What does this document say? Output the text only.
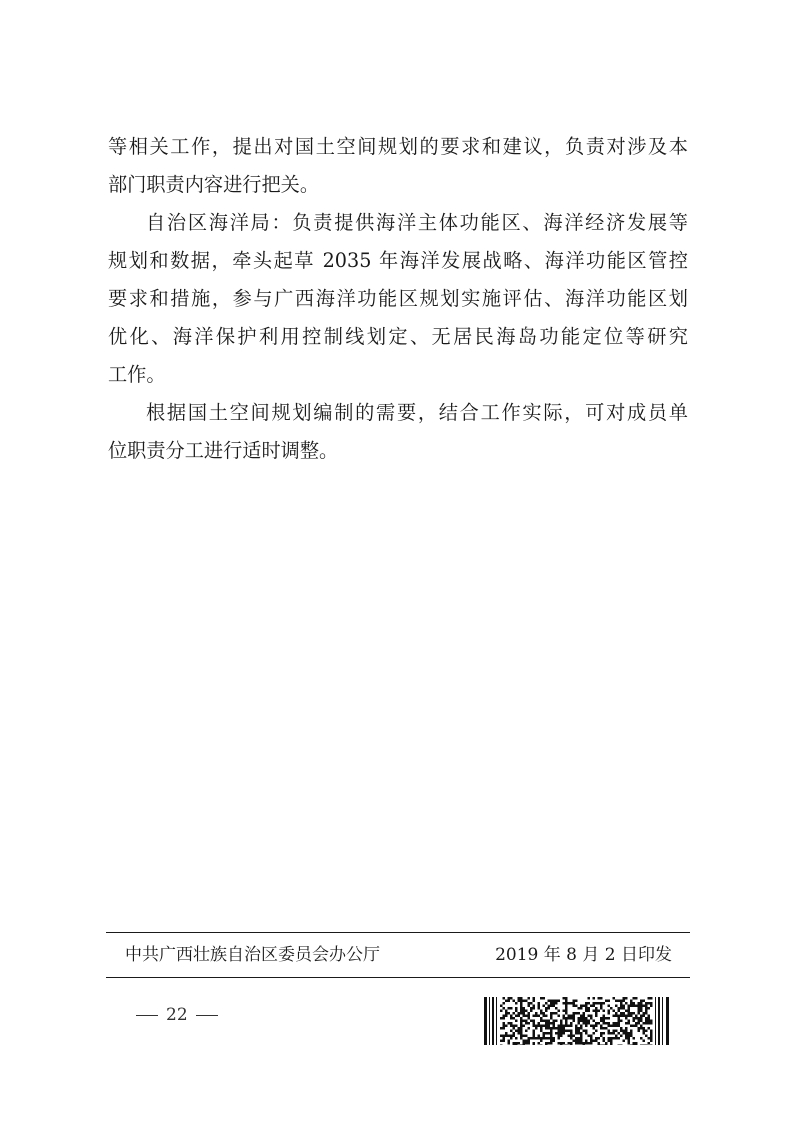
等相关工作，提出对国土空间规划的要求和建议，负责对涉及本
部门职责内容进行把关。
自治区海洋局：负责提供海洋主体功能区、海洋经济发展等
规划和数据，牵头起草 2035 年海洋发展战略、海洋功能区管控
要求和措施，参与广西海洋功能区规划实施评估、海洋功能区划
优化、海洋保护利用控制线划定、无居民海岛功能定位等研究
工作。
根据国土空间规划编制的需要，结合工作实际，可对成员单
位职责分工进行适时调整。
中共广西壮族自治区委员会办公厅	2019 年 8 月 2 日印发
22
